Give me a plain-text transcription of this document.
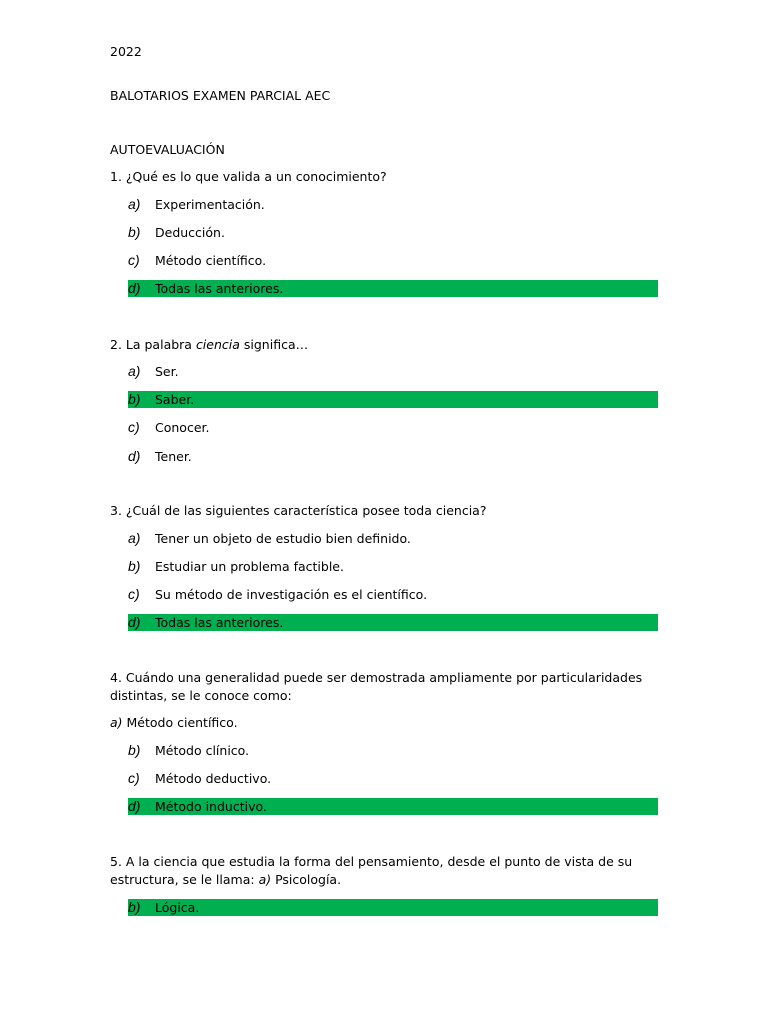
2022
BALOTARIOS EXAMEN PARCIAL AEC
AUTOEVALUACIÓN
1. ¿Qué es lo que valida a un conocimiento?
a) Experimentación.
b) Deducción.
c) Método científico.
d) Todas las anteriores.
2. La palabra ciencia significa…
a) Ser.
b) Saber.
c) Conocer.
d) Tener.
3. ¿Cuál de las siguientes característica posee toda ciencia?
a) Tener un objeto de estudio bien definido.
b) Estudiar un problema factible.
c) Su método de investigación es el científico.
d) Todas las anteriores.
4. Cuándo una generalidad puede ser demostrada ampliamente por particularidades distintas, se le conoce como:
a) Método científico.
b) Método clínico.
c) Método deductivo.
d) Método inductivo.
5. A la ciencia que estudia la forma del pensamiento, desde el punto de vista de su estructura, se le llama: a) Psicología.
b) Lógica.
